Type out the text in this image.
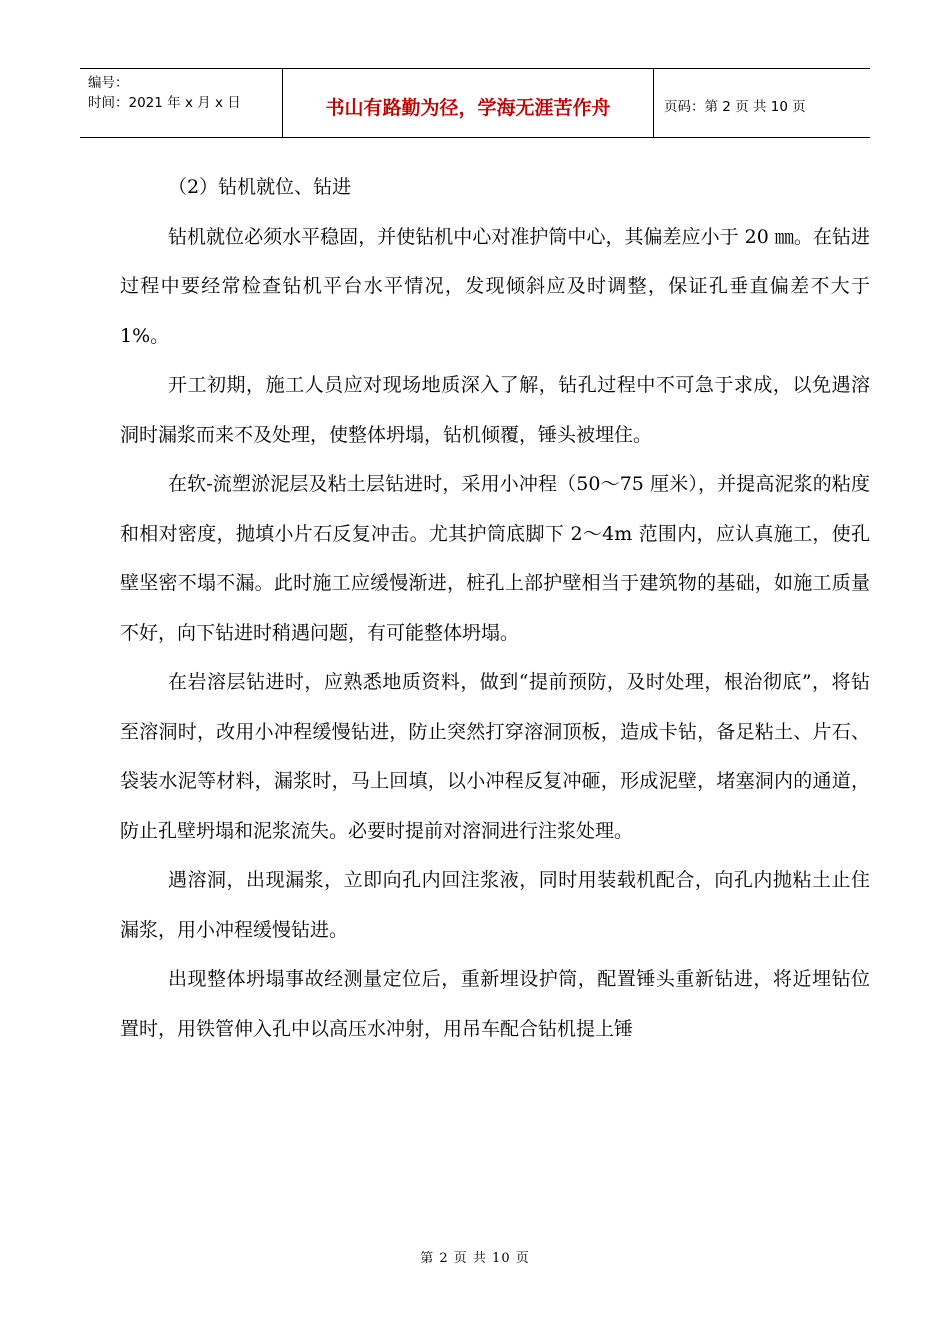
编号：
时间：2021 年 x 月 x 日	书山有路勤为径，学海无涯苦作舟	页码：第 2 页 共 10 页

（2）钻机就位、钻进

钻机就位必须水平稳固，并使钻机中心对准护筒中心，其偏差应小于 20 ㎜。在钻进过程中要经常检查钻机平台水平情况，发现倾斜应及时调整，保证孔垂直偏差不大于 1%。

开工初期，施工人员应对现场地质深入了解，钻孔过程中不可急于求成，以免遇溶洞时漏浆而来不及处理，使整体坍塌，钻机倾覆，锤头被埋住。

在软-流塑淤泥层及粘土层钻进时，采用小冲程（50～75 厘米），并提高泥浆的粘度和相对密度，抛填小片石反复冲击。尤其护筒底脚下 2～4m 范围内，应认真施工，使孔壁坚密不塌不漏。此时施工应缓慢渐进，桩孔上部护壁相当于建筑物的基础，如施工质量不好，向下钻进时稍遇问题，有可能整体坍塌。

在岩溶层钻进时，应熟悉地质资料，做到“提前预防，及时处理，根治彻底”，将钻至溶洞时，改用小冲程缓慢钻进，防止突然打穿溶洞顶板，造成卡钻，备足粘土、片石、袋装水泥等材料，漏浆时，马上回填，以小冲程反复冲砸，形成泥壁，堵塞洞内的通道，防止孔壁坍塌和泥浆流失。必要时提前对溶洞进行注浆处理。

遇溶洞，出现漏浆，立即向孔内回注浆液，同时用装载机配合，向孔内抛粘土止住漏浆，用小冲程缓慢钻进。

出现整体坍塌事故经测量定位后，重新埋设护筒，配置锤头重新钻进，将近埋钻位置时，用铁管伸入孔中以高压水冲射，用吊车配合钻机提上锤

第 2 页 共 10 页
